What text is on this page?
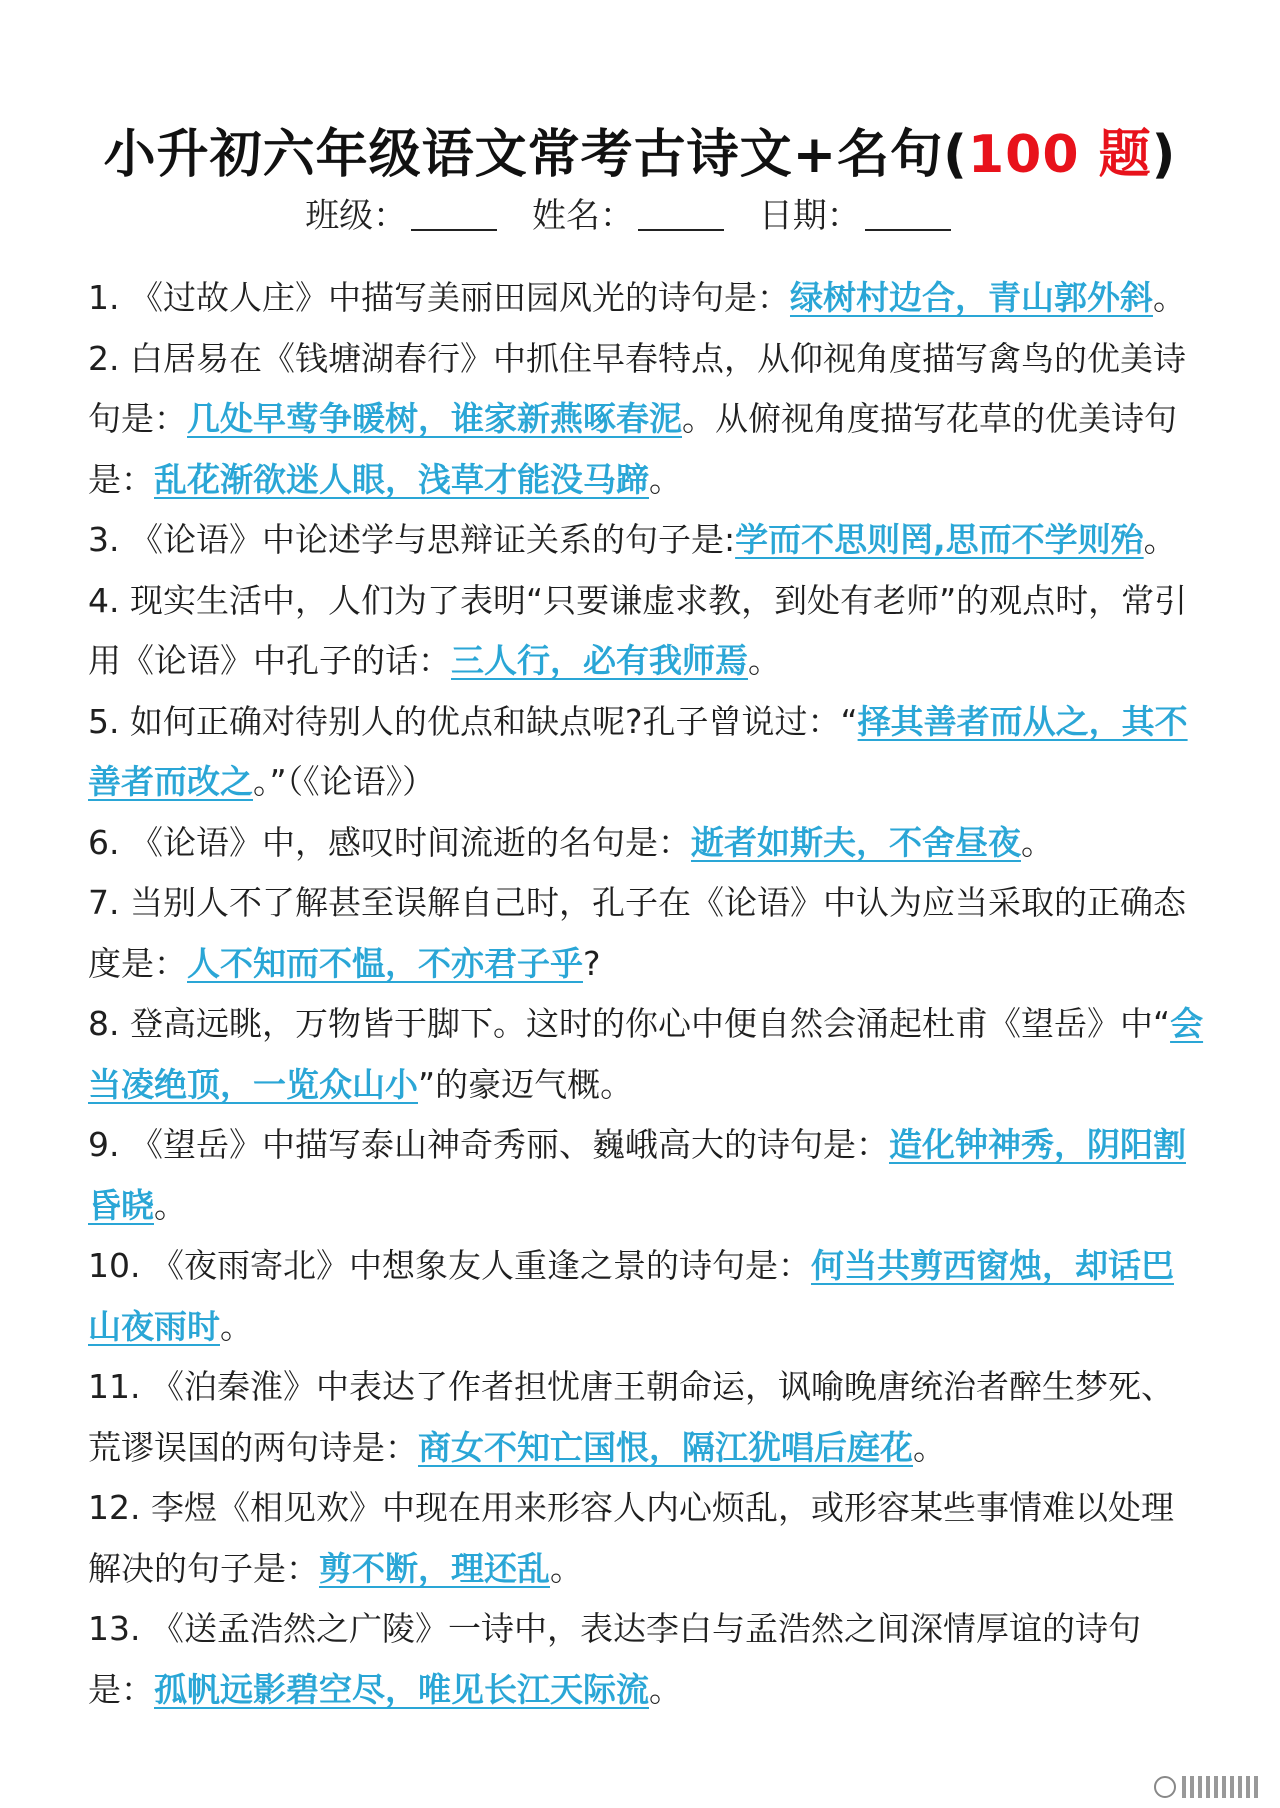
小升初六年级语文常考古诗文+名句(100 题)
班级：	姓名：	日期：

1. 《过故人庄》中描写美丽田园风光的诗句是：绿树村边合，青山郭外斜。

2. 白居易在《钱塘湖春行》中抓住早春特点，从仰视角度描写禽鸟的优美诗句是：几处早莺争暖树，谁家新燕啄春泥。从俯视角度描写花草的优美诗句是：乱花渐欲迷人眼，浅草才能没马蹄。

3. 《论语》中论述学与思辩证关系的句子是:学而不思则罔,思而不学则殆。

4. 现实生活中，人们为了表明“只要谦虚求教，到处有老师”的观点时，常引用《论语》中孔子的话：三人行，必有我师焉。

5. 如何正确对待别人的优点和缺点呢?孔子曾说过：“择其善者而从之，其不善者而改之。”（《论语》）

6. 《论语》中，感叹时间流逝的名句是：逝者如斯夫，不舍昼夜。

7. 当别人不了解甚至误解自己时，孔子在《论语》中认为应当采取的正确态度是：人不知而不愠，不亦君子乎?

8. 登高远眺，万物皆于脚下。这时的你心中便自然会涌起杜甫《望岳》中“会当凌绝顶，一览众山小”的豪迈气概。

9. 《望岳》中描写泰山神奇秀丽、巍峨高大的诗句是：造化钟神秀，阴阳割昏晓。

10. 《夜雨寄北》中想象友人重逢之景的诗句是：何当共剪西窗烛，却话巴山夜雨时。

11. 《泊秦淮》中表达了作者担忧唐王朝命运，讽喻晚唐统治者醉生梦死、荒谬误国的两句诗是：商女不知亡国恨，隔江犹唱后庭花。

12. 李煜《相见欢》中现在用来形容人内心烦乱，或形容某些事情难以处理解决的句子是：剪不断，理还乱。

13. 《送孟浩然之广陵》一诗中，表达李白与孟浩然之间深情厚谊的诗句是：孤帆远影碧空尽，唯见长江天际流。
